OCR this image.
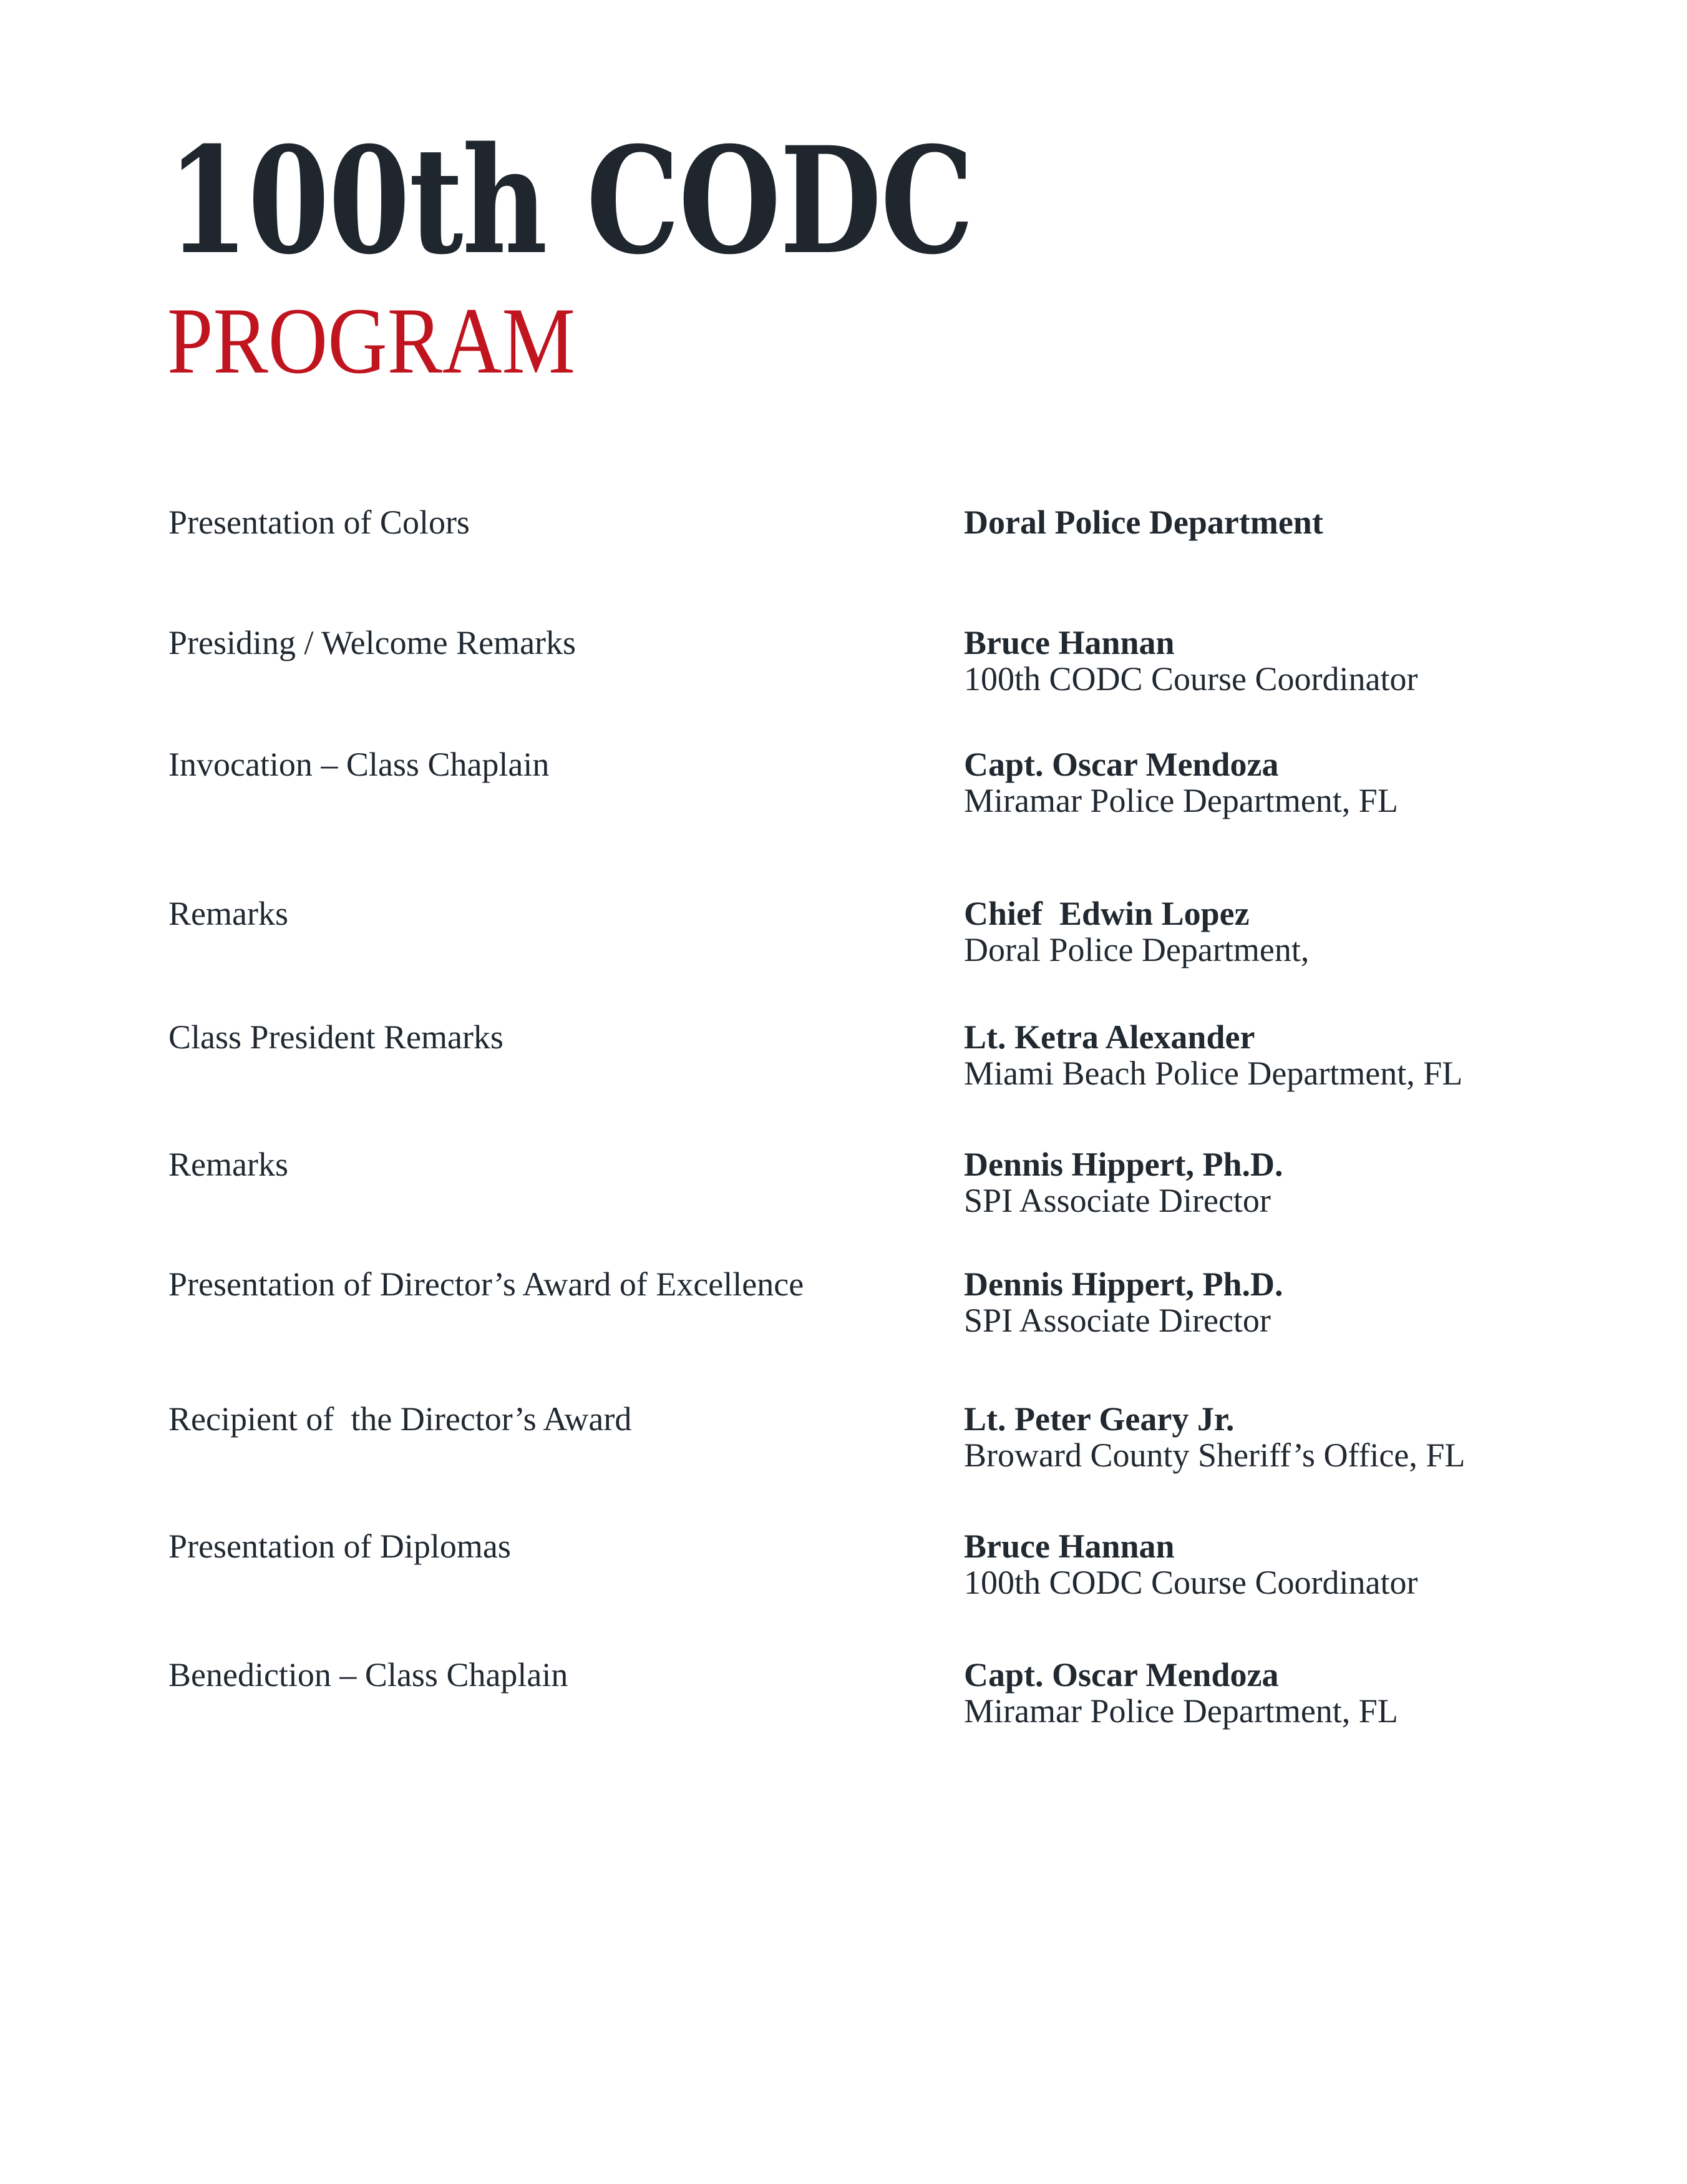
100th CODC
PROGRAM
Presentation of Colors	Doral Police Department
Presiding / Welcome Remarks	Bruce Hannan
100th CODC Course Coordinator
Invocation – Class Chaplain	Capt. Oscar Mendoza
Miramar Police Department, FL
Remarks	Chief  Edwin Lopez
Doral Police Department,
Class President Remarks	Lt. Ketra Alexander
Miami Beach Police Department, FL
Remarks	Dennis Hippert, Ph.D.
SPI Associate Director
Presentation of Director’s Award of Excellence	Dennis Hippert, Ph.D.
SPI Associate Director
Recipient of  the Director’s Award	Lt. Peter Geary Jr.
Broward County Sheriff’s Office, FL
Presentation of Diplomas	Bruce Hannan
100th CODC Course Coordinator
Benediction – Class Chaplain	Capt. Oscar Mendoza
Miramar Police Department, FL
